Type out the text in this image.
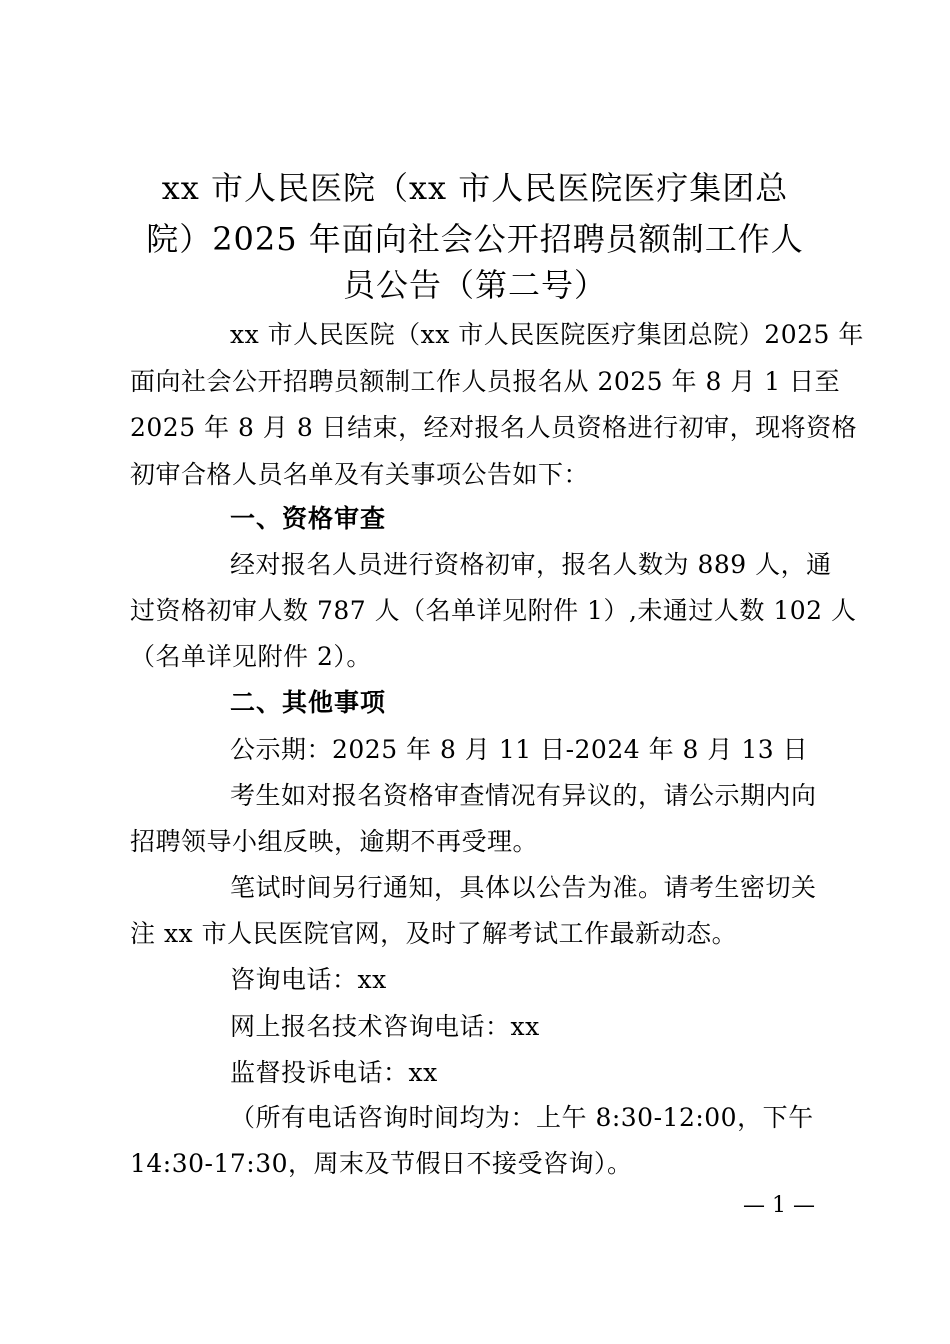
xx 市人民医院（xx 市人民医院医疗集团总
院）2025 年面向社会公开招聘员额制工作人
员公告（第二号）
xx 市人民医院（xx 市人民医院医疗集团总院）2025 年
面向社会公开招聘员额制工作人员报名从 2025 年 8 月 1 日至
2025 年 8 月 8 日结束，经对报名人员资格进行初审，现将资格
初审合格人员名单及有关事项公告如下：
一、资格审查
经对报名人员进行资格初审，报名人数为 889 人，通
过资格初审人数 787 人（名单详见附件 1）,未通过人数 102 人
（名单详见附件 2）。
二、其他事项
公示期：2025 年 8 月 11 日-2024 年 8 月 13 日
考生如对报名资格审查情况有异议的，请公示期内向
招聘领导小组反映，逾期不再受理。
笔试时间另行通知，具体以公告为准。请考生密切关
注 xx 市人民医院官网，及时了解考试工作最新动态。
咨询电话：xx
网上报名技术咨询电话：xx
监督投诉电话：xx
（所有电话咨询时间均为：上午 8:30-12:00，下午
14:30-17:30，周末及节假日不接受咨询）。
— 1 —
